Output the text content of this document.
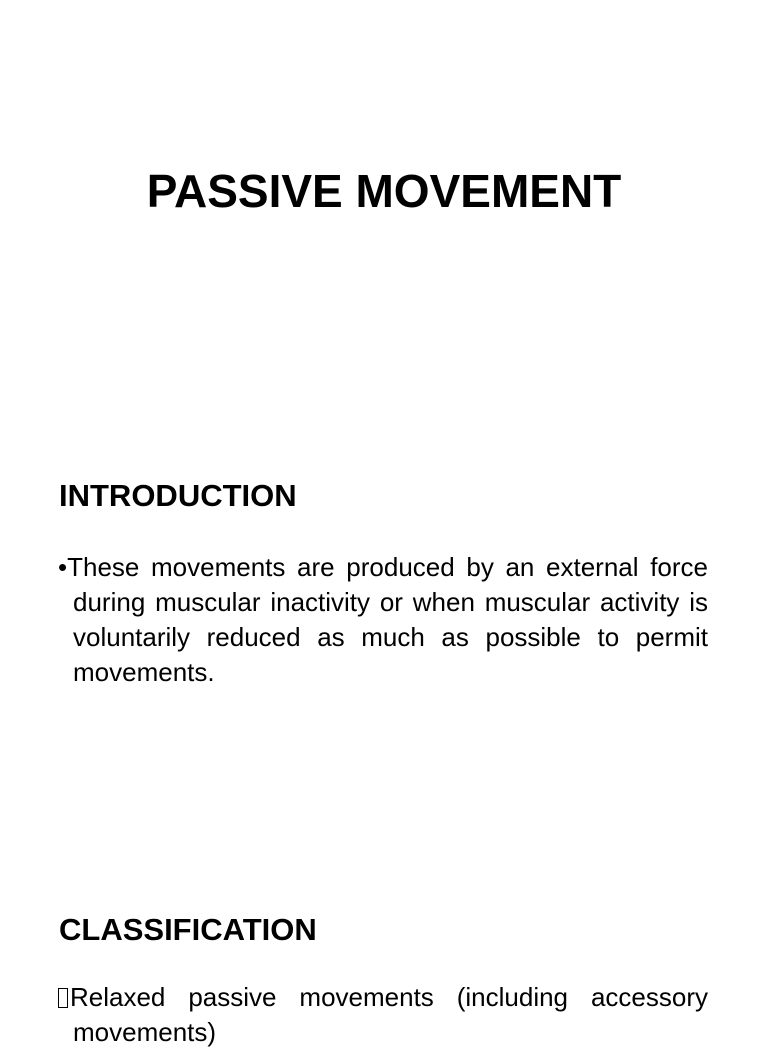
PASSIVE MOVEMENT
INTRODUCTION

•These movements are produced by an external force during muscular inactivity or when muscular activity is voluntarily reduced as much as possible to permit movements.

CLASSIFICATION

Relaxed passive movements (including accessory movements)
